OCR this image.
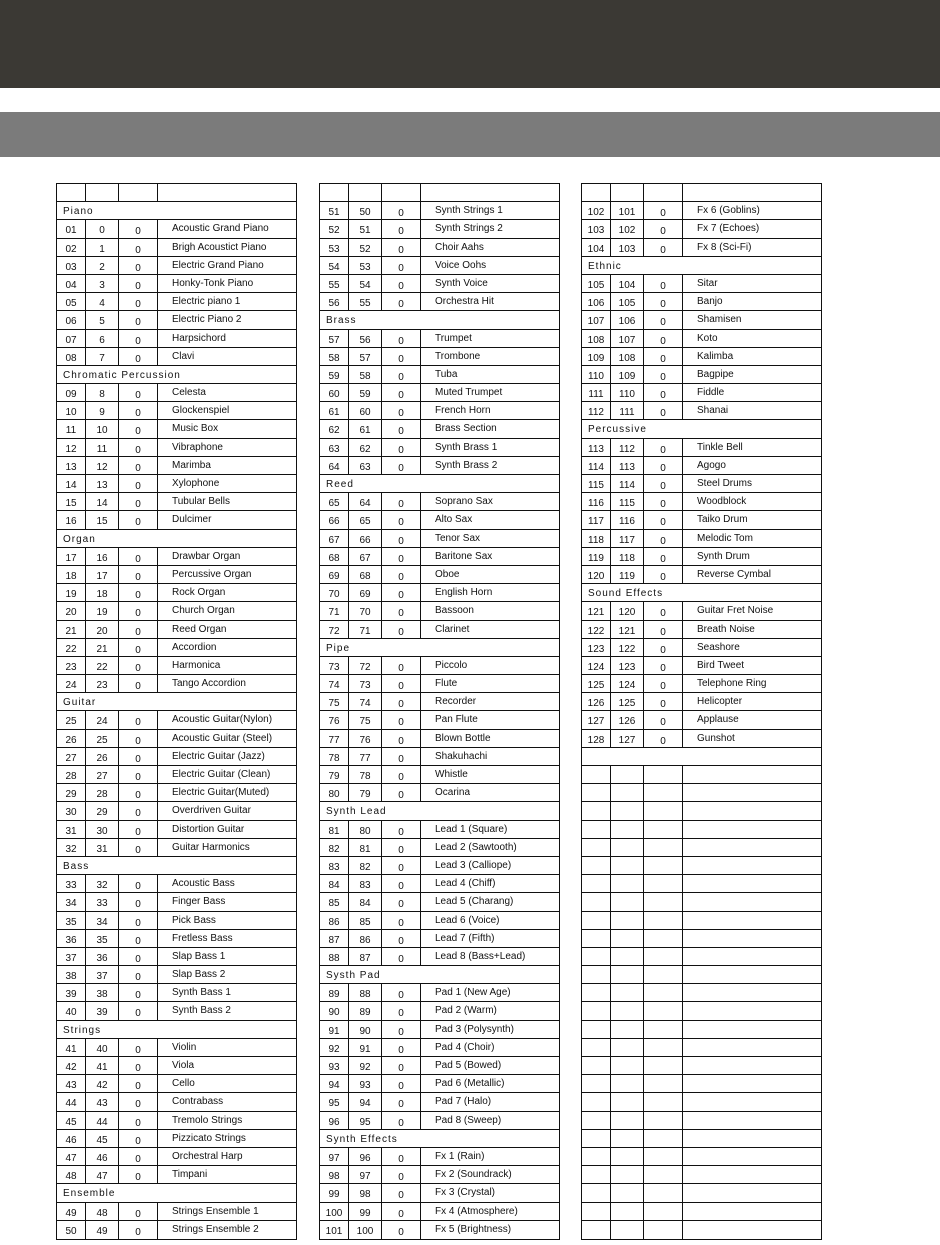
Piano
01	0	0	Acoustic Grand Piano
02	1	0	Brigh Acoustict Piano
03	2	0	Electric Grand Piano
04	3	0	Honky-Tonk Piano
05	4	0	Electric piano 1
06	5	0	Electric Piano 2
07	6	0	Harpsichord
08	7	0	Clavi
Chromatic Percussion
09	8	0	Celesta
10	9	0	Glockenspiel
11	10	0	Music Box
12	11	0	Vibraphone
13	12	0	Marimba
14	13	0	Xylophone
15	14	0	Tubular Bells
16	15	0	Dulcimer
Organ
17	16	0	Drawbar Organ
18	17	0	Percussive Organ
19	18	0	Rock Organ
20	19	0	Church Organ
21	20	0	Reed Organ
22	21	0	Accordion
23	22	0	Harmonica
24	23	0	Tango Accordion
Guitar
25	24	0	Acoustic Guitar(Nylon)
26	25	0	Acoustic Guitar (Steel)
27	26	0	Electric Guitar (Jazz)
28	27	0	Electric Guitar (Clean)
29	28	0	Electric Guitar(Muted)
30	29	0	Overdriven Guitar
31	30	0	Distortion Guitar
32	31	0	Guitar Harmonics
Bass
33	32	0	Acoustic Bass
34	33	0	Finger Bass
35	34	0	Pick Bass
36	35	0	Fretless Bass
37	36	0	Slap Bass 1
38	37	0	Slap Bass 2
39	38	0	Synth Bass 1
40	39	0	Synth Bass 2
Strings
41	40	0	Violin
42	41	0	Viola
43	42	0	Cello
44	43	0	Contrabass
45	44	0	Tremolo Strings
46	45	0	Pizzicato Strings
47	46	0	Orchestral Harp
48	47	0	Timpani
Ensemble
49	48	0	Strings Ensemble 1
50	49	0	Strings Ensemble 2
51	50	0	Synth Strings 1
52	51	0	Synth Strings 2
53	52	0	Choir Aahs
54	53	0	Voice Oohs
55	54	0	Synth Voice
56	55	0	Orchestra Hit
Brass
57	56	0	Trumpet
58	57	0	Trombone
59	58	0	Tuba
60	59	0	Muted Trumpet
61	60	0	French Horn
62	61	0	Brass Section
63	62	0	Synth Brass 1
64	63	0	Synth Brass 2
Reed
65	64	0	Soprano Sax
66	65	0	Alto Sax
67	66	0	Tenor Sax
68	67	0	Baritone Sax
69	68	0	Oboe
70	69	0	English Horn
71	70	0	Bassoon
72	71	0	Clarinet
Pipe
73	72	0	Piccolo
74	73	0	Flute
75	74	0	Recorder
76	75	0	Pan Flute
77	76	0	Blown Bottle
78	77	0	Shakuhachi
79	78	0	Whistle
80	79	0	Ocarina
Synth Lead
81	80	0	Lead 1 (Square)
82	81	0	Lead 2 (Sawtooth)
83	82	0	Lead 3 (Calliope)
84	83	0	Lead 4 (Chiff)
85	84	0	Lead 5 (Charang)
86	85	0	Lead 6 (Voice)
87	86	0	Lead 7 (Fifth)
88	87	0	Lead 8 (Bass+Lead)
Systh Pad
89	88	0	Pad 1 (New Age)
90	89	0	Pad 2 (Warm)
91	90	0	Pad 3 (Polysynth)
92	91	0	Pad 4 (Choir)
93	92	0	Pad 5 (Bowed)
94	93	0	Pad 6 (Metallic)
95	94	0	Pad 7 (Halo)
96	95	0	Pad 8 (Sweep)
Synth Effects
97	96	0	Fx 1 (Rain)
98	97	0	Fx 2 (Soundrack)
99	98	0	Fx 3 (Crystal)
100	99	0	Fx 4 (Atmosphere)
101	100	0	Fx 5 (Brightness)
102	101	0	Fx 6 (Goblins)
103	102	0	Fx 7 (Echoes)
104	103	0	Fx 8 (Sci-Fi)
Ethnic
105	104	0	Sitar
106	105	0	Banjo
107	106	0	Shamisen
108	107	0	Koto
109	108	0	Kalimba
110	109	0	Bagpipe
111	110	0	Fiddle
112	111	0	Shanai
Percussive
113	112	0	Tinkle Bell
114	113	0	Agogo
115	114	0	Steel Drums
116	115	0	Woodblock
117	116	0	Taiko Drum
118	117	0	Melodic Tom
119	118	0	Synth Drum
120	119	0	Reverse Cymbal
Sound Effects
121	120	0	Guitar Fret Noise
122	121	0	Breath Noise
123	122	0	Seashore
124	123	0	Bird Tweet
125	124	0	Telephone Ring
126	125	0	Helicopter
127	126	0	Applause
128	127	0	Gunshot
